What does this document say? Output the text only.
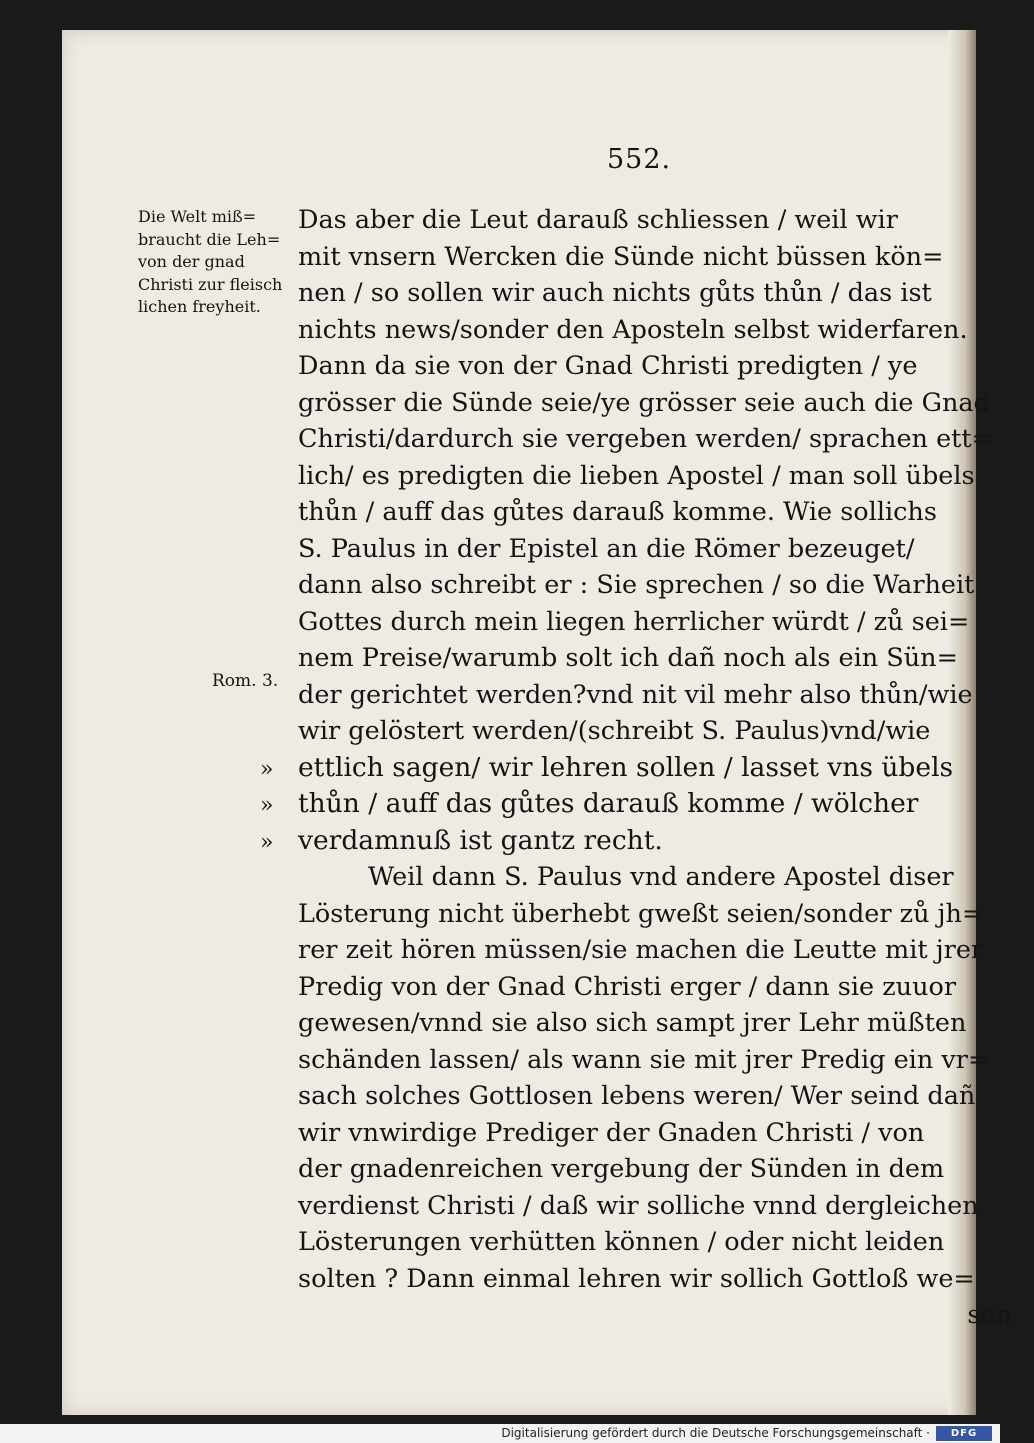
552.
Die Welt miß=
braucht die Leh=
von der gnad
Christi zur fleisch
lichen freyheit.
Rom. 3.
Das aber die Leut darauß schliessen / weil wir
mit vnsern Wercken die Sünde nicht büssen kön=
nen / so sollen wir auch nichts gůts thůn / das ist
nichts news/sonder den Aposteln selbst widerfaren.
Dann da sie von der Gnad Christi predigten / ye
grösser die Sünde seie/ye grösser seie auch die Gnad
Christi/dardurch sie vergeben werden/ sprachen ett=
lich/ es predigten die lieben Apostel / man soll übels
thůn / auff das gůtes darauß komme. Wie sollichs
S. Paulus in der Epistel an die Römer bezeuget/
dann also schreibt er : Sie sprechen / so die Warheit
Gottes durch mein liegen herrlicher würdt / zů sei=
nem Preise/warumb solt ich dañ noch als ein Sün=
der gerichtet werden?vnd nit vil mehr also thůn/wie
wir gelöstert werden/(schreibt S. Paulus)vnd/wie
» ettlich sagen/ wir lehren sollen / lasset vns übels
» thůn / auff das gůtes darauß komme / wölcher
» verdamnuß ist gantz recht.
Weil dann S. Paulus vnd andere Apostel diser
Lösterung nicht überhebt gweßt seien/sonder zů jh=
rer zeit hören müssen/sie machen die Leutte mit jrer
Predig von der Gnad Christi erger / dann sie zuuor
gewesen/vnnd sie also sich sampt jrer Lehr müßten
schänden lassen/ als wann sie mit jrer Predig ein vr=
sach solches Gottlosen lebens weren/ Wer seind dañ
wir vnwirdige Prediger der Gnaden Christi / von
der gnadenreichen vergebung der Sünden in dem
verdienst Christi / daß wir solliche vnnd dergleichen
Lösterungen verhütten können / oder nicht leiden
solten ? Dann einmal lehren wir sollich Gottloß we=
sen
Digitalisierung gefördert durch die Deutsche Forschungsgemeinschaft ·	DFG
